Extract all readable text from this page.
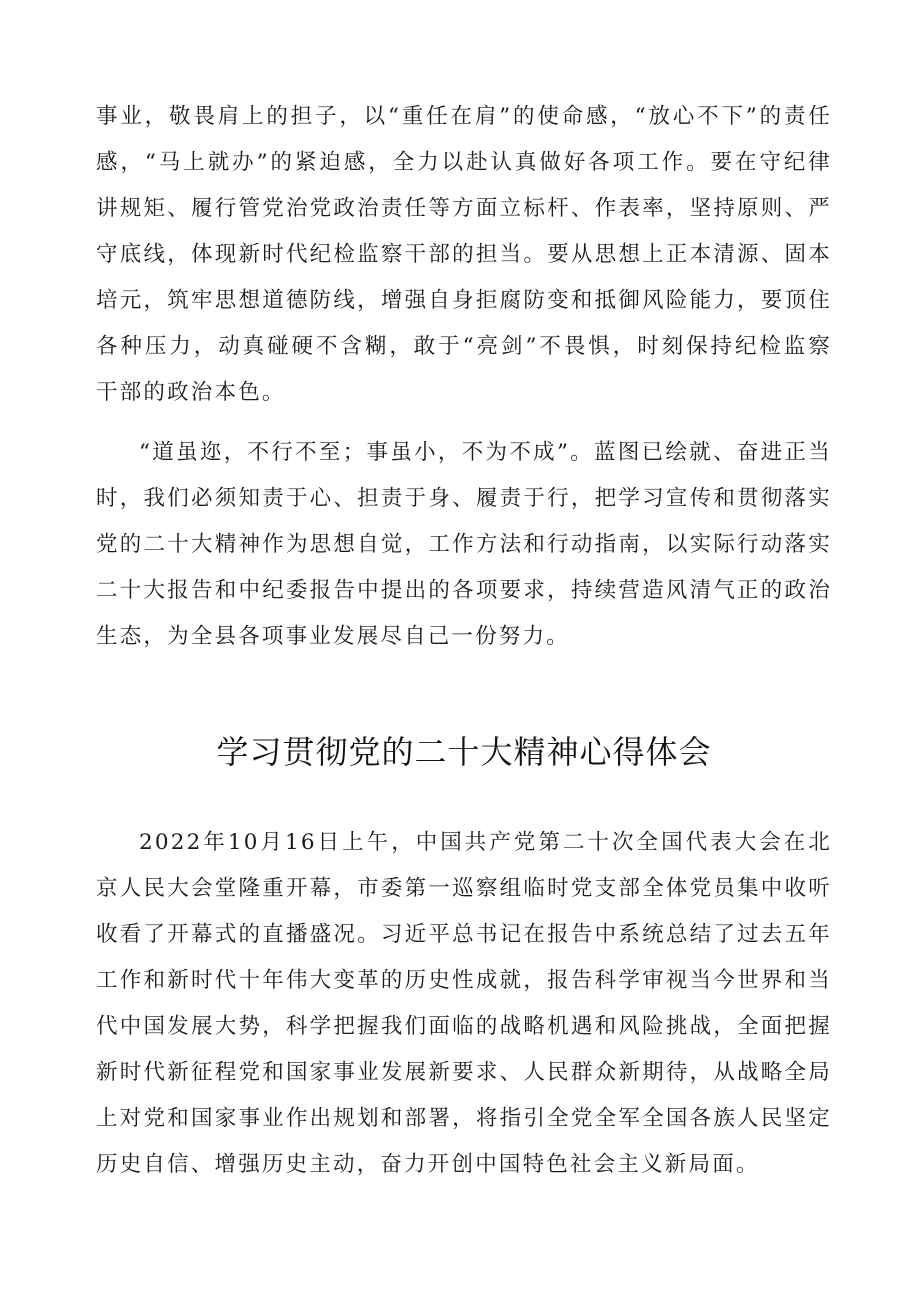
事业，敬畏肩上的担子，以“重任在肩”的使命感，“放心不下”的责任感，“马上就办”的紧迫感，全力以赴认真做好各项工作。要在守纪律讲规矩、履行管党治党政治责任等方面立标杆、作表率，坚持原则、严守底线，体现新时代纪检监察干部的担当。要从思想上正本清源、固本培元，筑牢思想道德防线，增强自身拒腐防变和抵御风险能力，要顶住各种压力，动真碰硬不含糊，敢于“亮剑”不畏惧，时刻保持纪检监察干部的政治本色。

“道虽迩，不行不至；事虽小，不为不成”。蓝图已绘就、奋进正当时，我们必须知责于心、担责于身、履责于行，把学习宣传和贯彻落实党的二十大精神作为思想自觉，工作方法和行动指南，以实际行动落实二十大报告和中纪委报告中提出的各项要求，持续营造风清气正的政治生态，为全县各项事业发展尽自己一份努力。

学习贯彻党的二十大精神心得体会

2022年10月16日上午，中国共产党第二十次全国代表大会在北京人民大会堂隆重开幕，市委第一巡察组临时党支部全体党员集中收听收看了开幕式的直播盛况。习近平总书记在报告中系统总结了过去五年工作和新时代十年伟大变革的历史性成就，报告科学审视当今世界和当代中国发展大势，科学把握我们面临的战略机遇和风险挑战，全面把握新时代新征程党和国家事业发展新要求、人民群众新期待，从战略全局上对党和国家事业作出规划和部署，将指引全党全军全国各族人民坚定历史自信、增强历史主动，奋力开创中国特色社会主义新局面。
